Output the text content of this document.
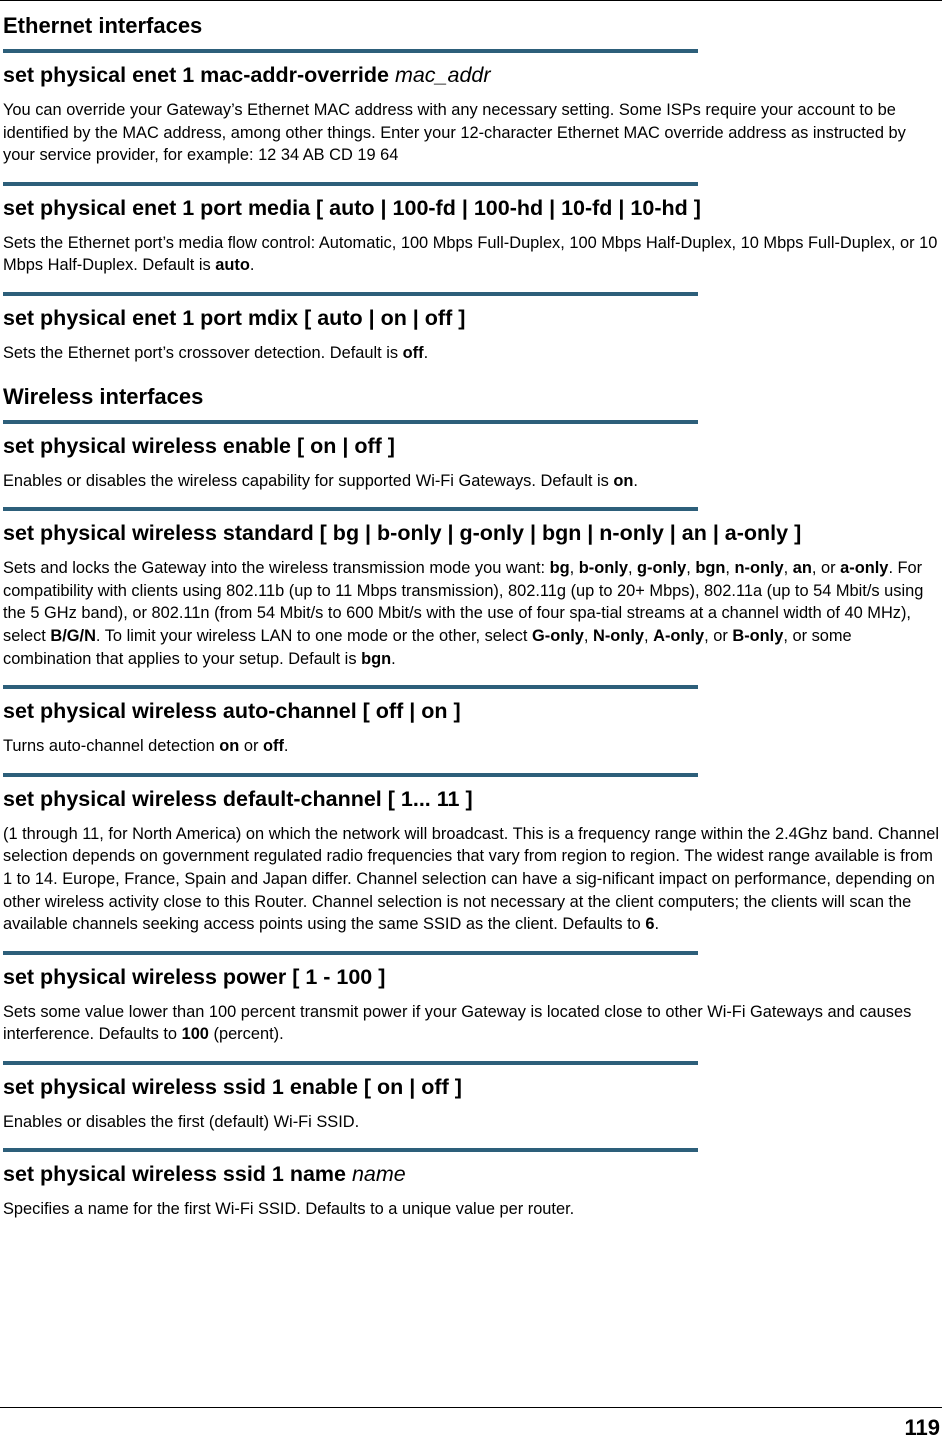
Ethernet interfaces
set physical enet 1 mac-addr-override mac_addr

You can override your Gateway’s Ethernet MAC address with any necessary setting. Some ISPs require your account to be identified by the MAC address, among other things. Enter your 12-character Ethernet MAC override address as instructed by your service provider, for example: 12 34 AB CD 19 64

set physical enet 1 port media [ auto | 100-fd | 100-hd | 10-fd | 10-hd ]

Sets the Ethernet port’s media flow control: Automatic, 100 Mbps Full-Duplex, 100 Mbps Half-Duplex, 10 Mbps Full-Duplex, or 10 Mbps Half-Duplex. Default is auto.

set physical enet 1 port mdix [ auto | on | off ]

Sets the Ethernet port’s crossover detection. Default is off.

Wireless interfaces
set physical wireless enable [ on | off ]

Enables or disables the wireless capability for supported Wi-Fi Gateways. Default is on.

set physical wireless standard [ bg | b-only | g-only | bgn | n-only | an | a-only ]

Sets and locks the Gateway into the wireless transmission mode you want: bg, b-only, g-only, bgn, n-only, an, or a-only. For compatibility with clients using 802.11b (up to 11 Mbps transmission), 802.11g (up to 20+ Mbps), 802.11a (up to 54 Mbit/s using the 5 GHz band), or 802.11n (from 54 Mbit/s to 600 Mbit/s with the use of four spa-tial streams at a channel width of 40 MHz), select B/G/N. To limit your wireless LAN to one mode or the other, select G-only, N-only, A-only, or B-only, or some combination that applies to your setup. Default is bgn.

set physical wireless auto-channel [ off | on ]

Turns auto-channel detection on or off.

set physical wireless default-channel [ 1... 11 ]

(1 through 11, for North America) on which the network will broadcast. This is a frequency range within the 2.4Ghz band. Channel selection depends on government regulated radio frequencies that vary from region to region. The widest range available is from 1 to 14. Europe, France, Spain and Japan differ. Channel selection can have a sig-nificant impact on performance, depending on other wireless activity close to this Router. Channel selection is not necessary at the client computers; the clients will scan the available channels seeking access points using the same SSID as the client. Defaults to 6.

set physical wireless power [ 1 - 100 ]

Sets some value lower than 100 percent transmit power if your Gateway is located close to other Wi-Fi Gateways and causes interference. Defaults to 100 (percent).

set physical wireless ssid 1 enable [ on | off ]

Enables or disables the first (default) Wi-Fi SSID.

set physical wireless ssid 1 name name

Specifies a name for the first Wi-Fi SSID. Defaults to a unique value per router.

119
